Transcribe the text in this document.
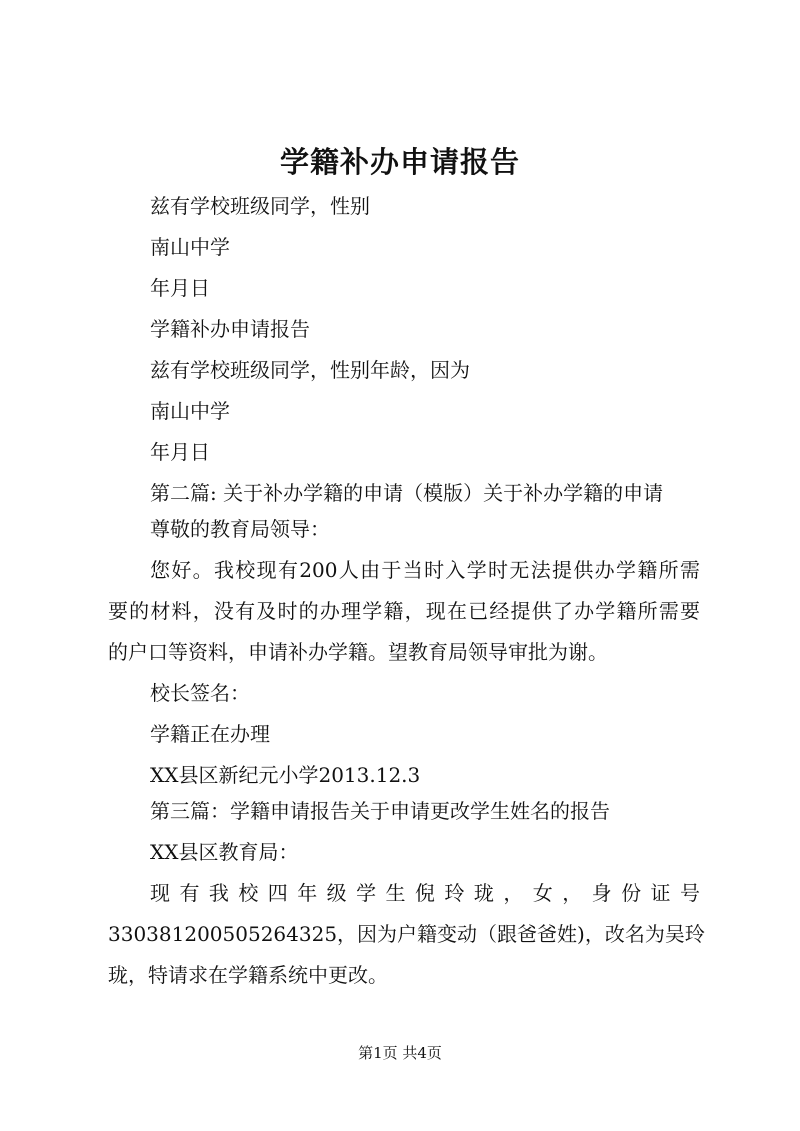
学籍补办申请报告
兹有学校班级同学，性别
南山中学
年月日
学籍补办申请报告
兹有学校班级同学，性别年龄，因为
南山中学
年月日
第二篇: 关于补办学籍的申请（模版）关于补办学籍的申请
尊敬的教育局领导：
您好。我校现有200人由于当时入学时无法提供办学籍所需
要的材料，没有及时的办理学籍，现在已经提供了办学籍所需要
的户口等资料，申请补办学籍。望教育局领导审批为谢。
校长签名：
学籍正在办理
XX县区新纪元小学2013.12.3
第三篇：学籍申请报告关于申请更改学生姓名的报告
XX县区教育局：
现有我校四年级学生倪玲珑，女，身份证号
330381200505264325，因为户籍变动（跟爸爸姓)，改名为吴玲
珑，特请求在学籍系统中更改。
第1页 共4页
